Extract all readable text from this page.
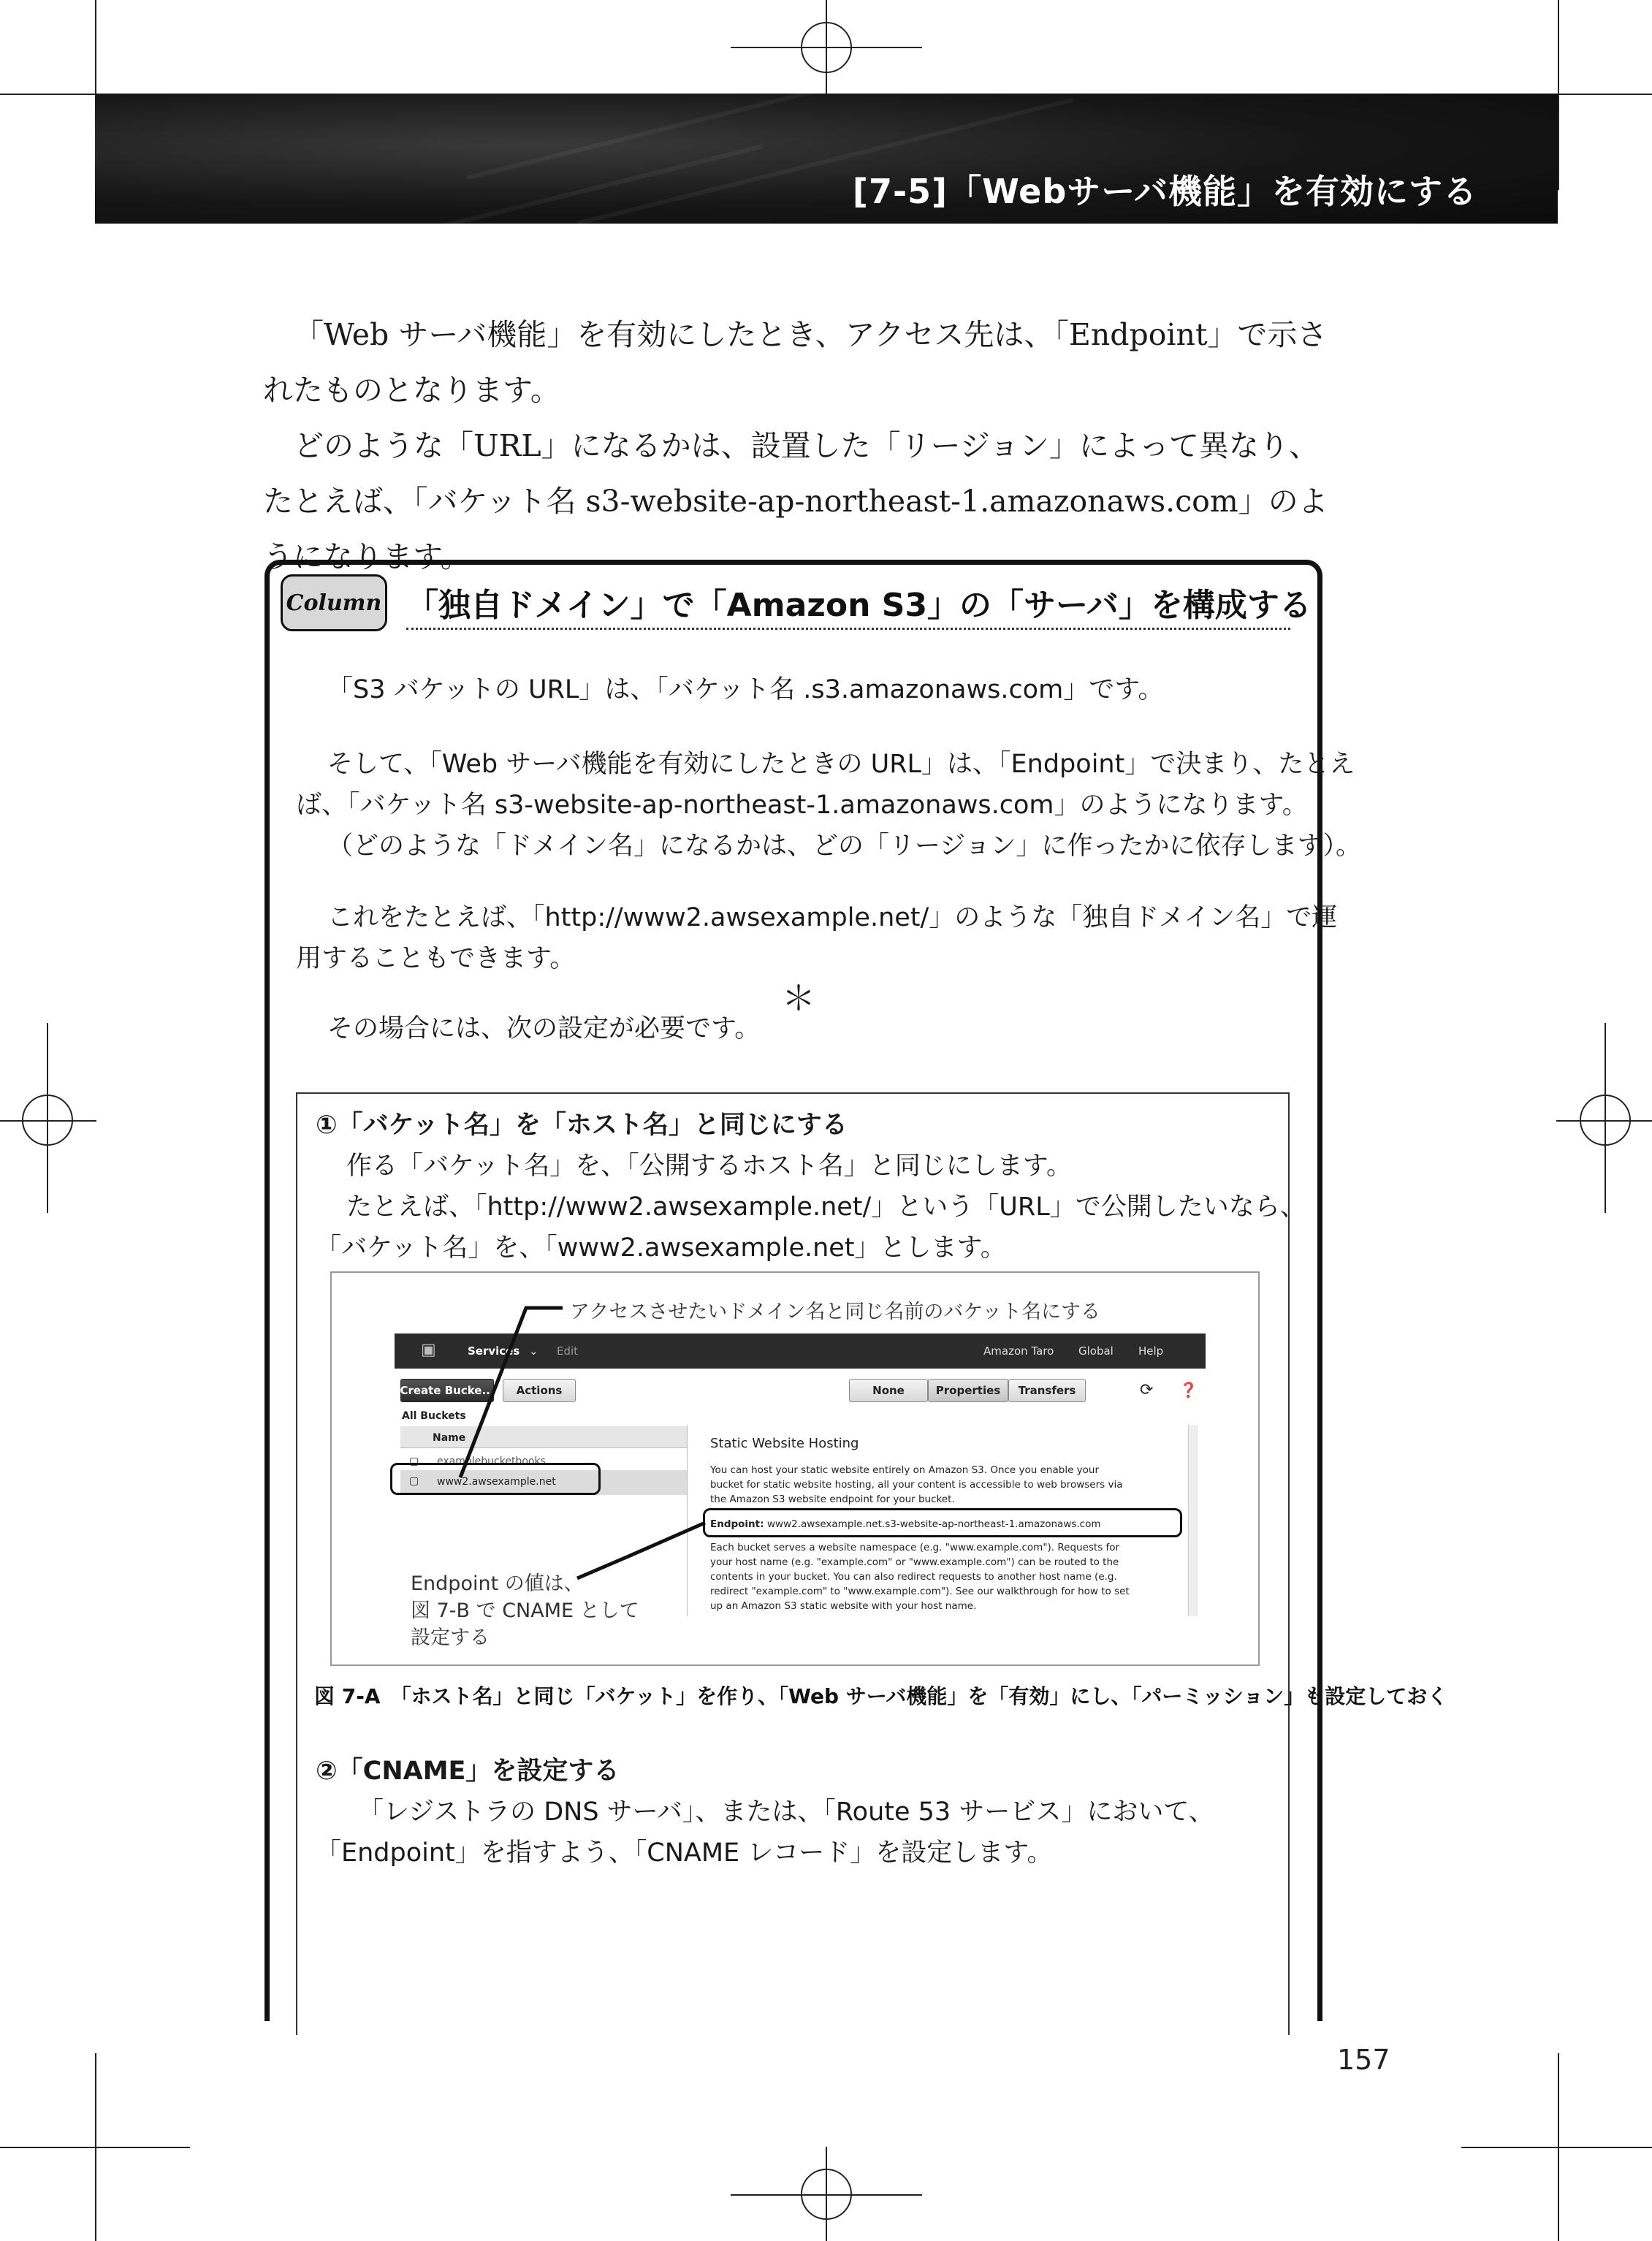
[7-5]「Webサーバ機能」を有効にする

「Web サーバ機能」を有効にしたとき、アクセス先は、「Endpoint」で示さ

れたものとなります。

どのような「URL」になるかは、設置した「リージョン」によって異なり、

たとえば、「バケット名 s3-website-ap-northeast-1.amazonaws.com」のよ

うになります。

Column 「独自ドメイン」で「Amazon S3」の「サーバ」を構成する
「S3 バケットの URL」は、「バケット名 .s3.amazonaws.com」です。
そして、「Web サーバ機能を有効にしたときの URL」は、「Endpoint」で決まり、たとえ
ば、「バケット名 s3-website-ap-northeast-1.amazonaws.com」のようになります。
（どのような「ドメイン名」になるかは、どの「リージョン」に作ったかに依存します）。
これをたとえば、「http://www2.awsexample.net/」のような「独自ドメイン名」で運
用することもできます。
＊
その場合には、次の設定が必要です。
①「バケット名」を「ホスト名」と同じにする
作る「バケット名」を、「公開するホスト名」と同じにします。
たとえば、「http://www2.awsexample.net/」という「URL」で公開したいなら、
「バケット名」を、「www2.awsexample.net」とします。
アクセスさせたいドメイン名と同じ名前のバケット名にする
▣	Services ⌄ Edit	Amazon Taro Global Help
Create Bucke...	Actions	None	Properties	Transfers	⟳ ❓
All Buckets
Name
▢ examplebucketbooks
▢ www2.awsexample.net
Static Website Hosting
You can host your static website entirely on Amazon S3. Once you enable your
bucket for static website hosting, all your content is accessible to web browsers via
the Amazon S3 website endpoint for your bucket.
Endpoint: www2.awsexample.net.s3-website-ap-northeast-1.amazonaws.com
Each bucket serves a website namespace (e.g. "www.example.com"). Requests for
your host name (e.g. "example.com" or "www.example.com") can be routed to the
contents in your bucket. You can also redirect requests to another host name (e.g.
redirect "example.com" to "www.example.com"). See our walkthrough for how to set
up an Amazon S3 static website with your host name.
Endpoint の値は、
図 7-B で CNAME として
設定する
図 7-A　「ホスト名」と同じ「バケット」を作り、「Web サーバ機能」を「有効」にし、「パーミッション」も設定しておく
②「CNAME」を設定する
「レジストラの DNS サーバ」、または、「Route 53 サービス」において、
「Endpoint」を指すよう、「CNAME レコード」を設定します。
157
